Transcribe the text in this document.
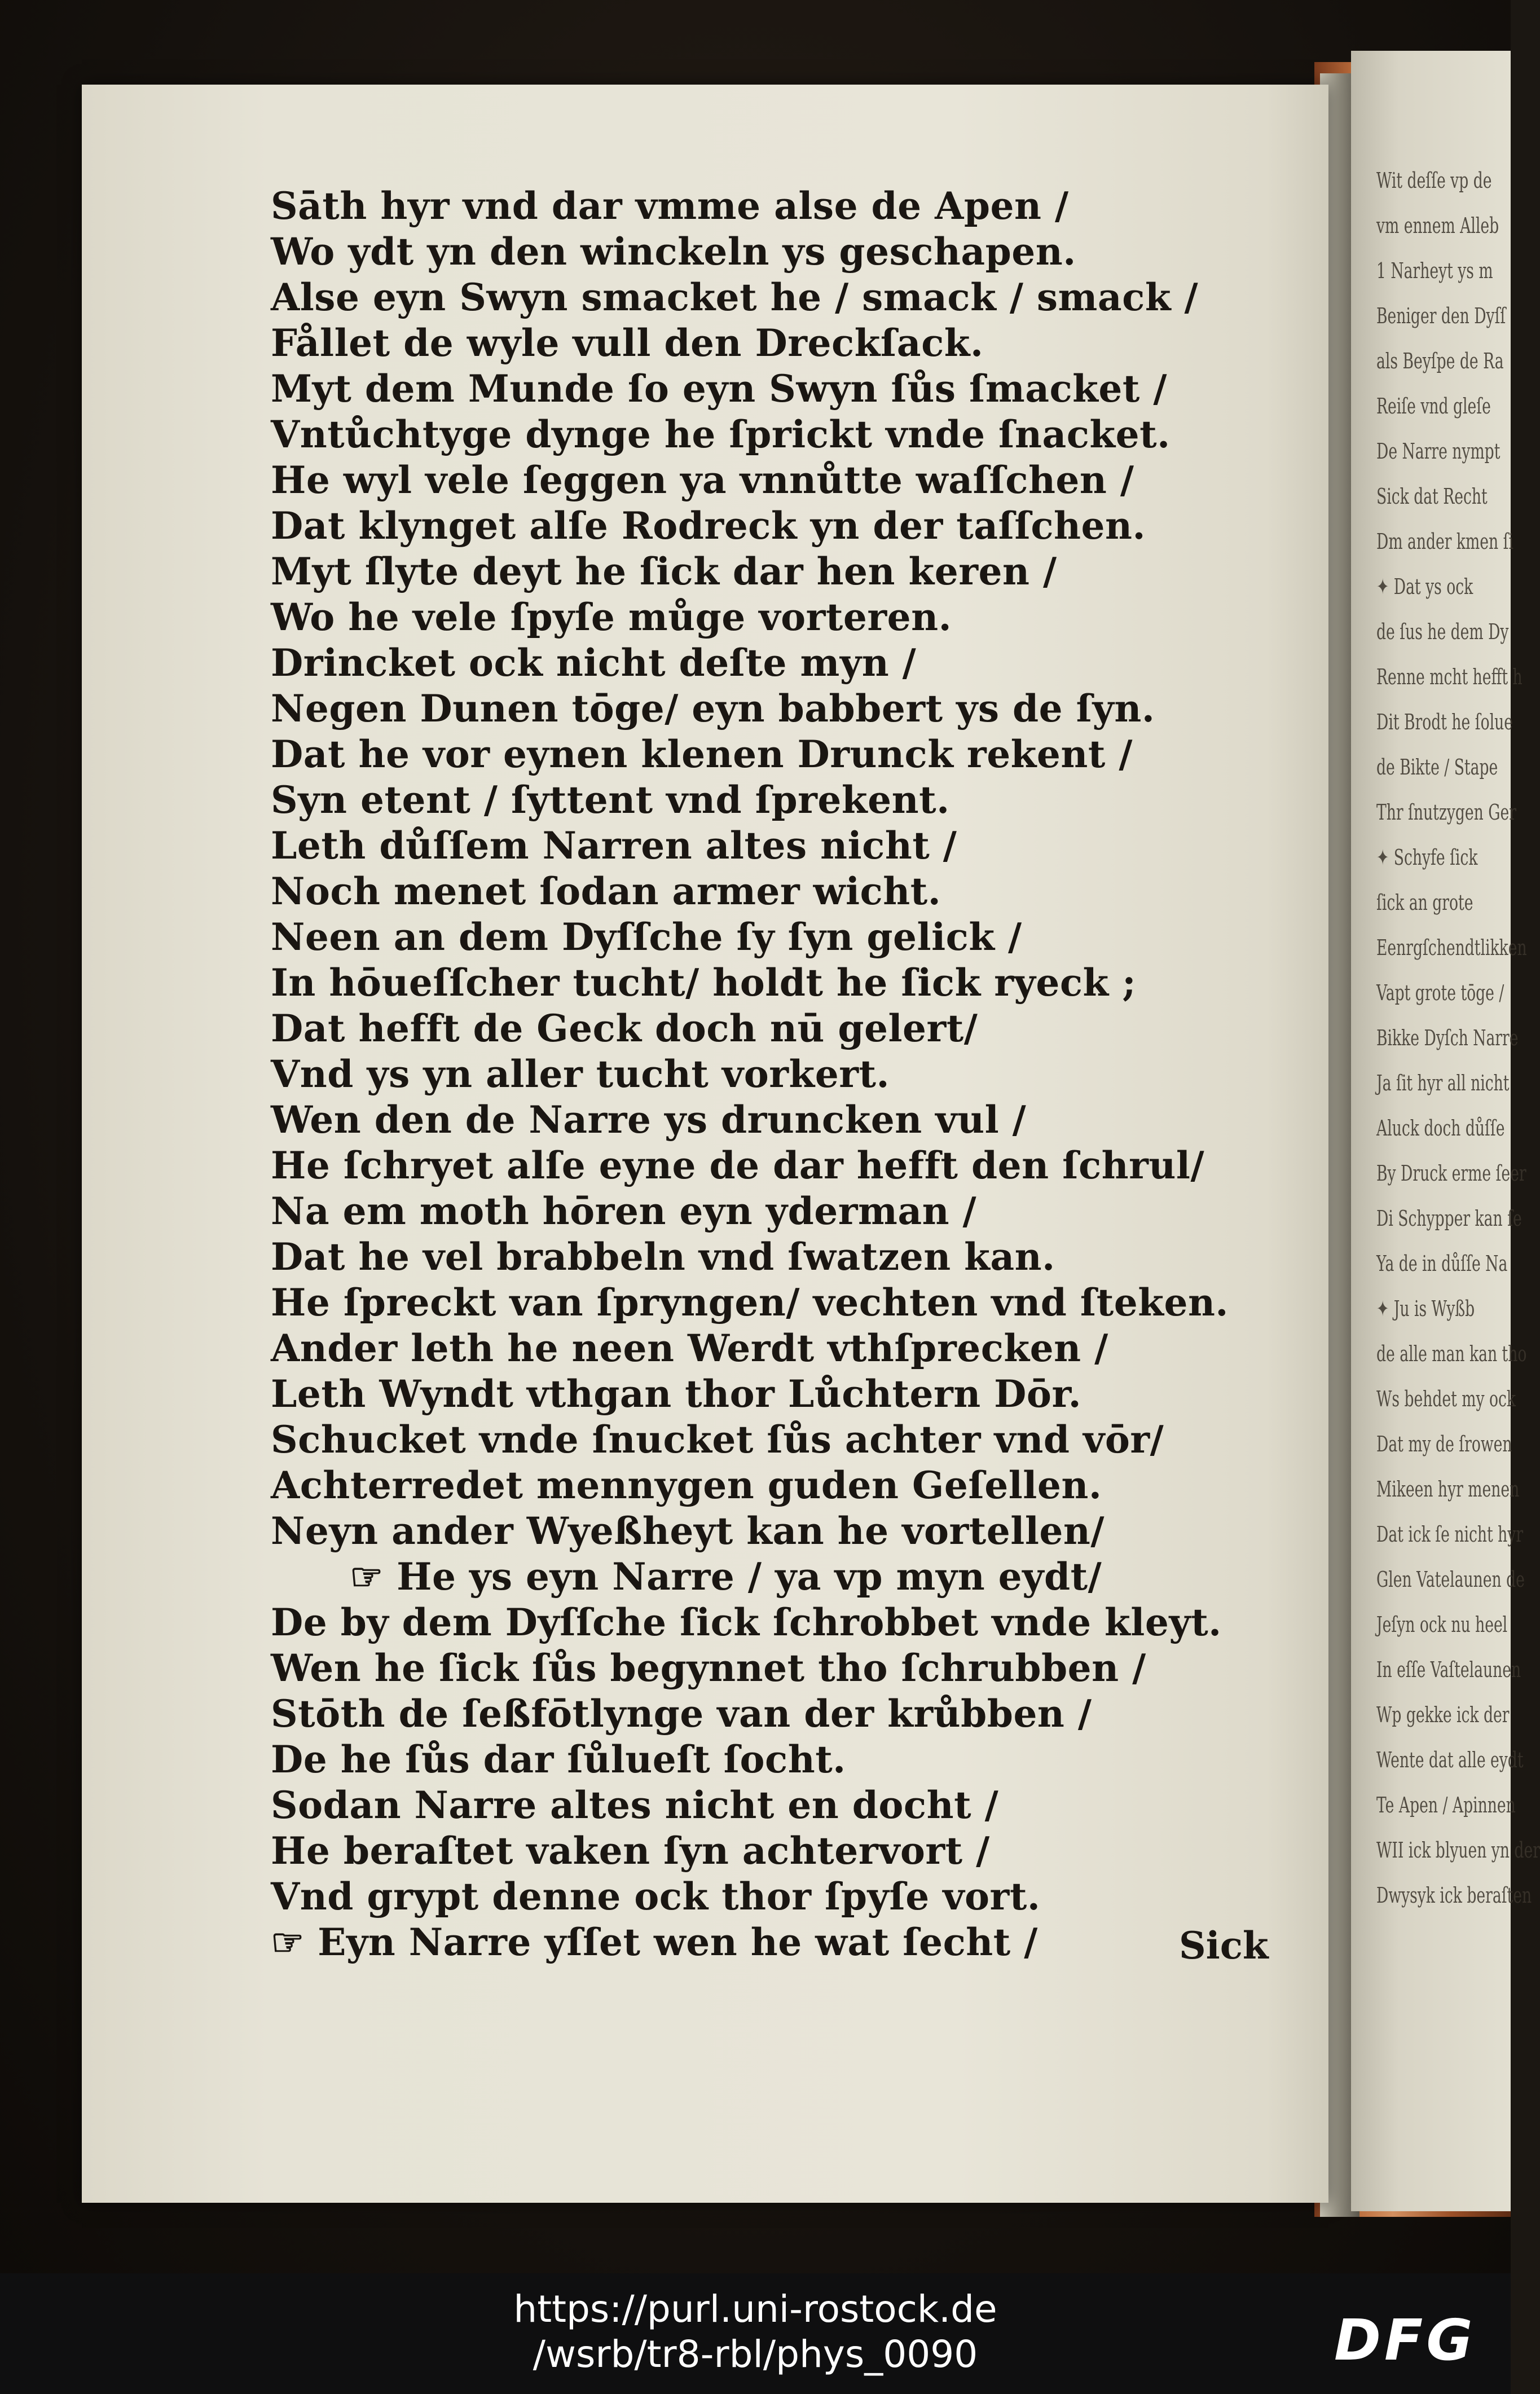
Wit deſſe vp de
vm ennem Alleb
1 Narheyt ys m
Beniger den Dyſſ
als Beyſpe de Ra
Reiſe vnd gleſe
De Narre nympt
Sick dat Recht
Dm ander kmen ſi
✦ Dat ys ock
de ſus he dem Dy
Renne mcht hefft h
Dit Brodt he ſolue
de Bikte / Stape
Thr ſnutzygen Ger
✦ Schyfe ſick
ſick an grote
Eenrgſchendtlikken
Vapt grote tōge /
Bikke Dyſch Narre
Ja ſit hyr all nicht
Aluck doch důſſe
By Druck erme ſeer
Di Schypper kan ſe
Ya de in důſſe Na
✦ Ju is Wyßb
de alle man kan tho
Ws behdet my ock
Dat my de ſrowen
Mikeen hyr menen
Dat ick ſe nicht hyr
Glen Vatelaunen de
Jeſyn ock nu heel
In eſſe Vaſtelaunen
Wp gekke ick der
Wente dat alle eydt
Te Apen / Apinnen
WII ick blyuen yn der
Dwysyk ick beraſten

Sāth hyr vnd dar vmme alse de Apen /

Wo ydt yn den winckeln ys geschapen.

Alse eyn Swyn smacket he / smack / smack /

Fållet de wyle vull den Dreckſack.

Myt dem Munde ſo eyn Swyn ſůs ſmacket /

Vntůchtyge dynge he ſprickt vnde ſnacket.

He wyl vele ſeggen ya vnnůtte waſſchen /

Dat klynget alſe Rodreck yn der taſſchen.

Myt ſlyte deyt he ſick dar hen keren /

Wo he vele ſpyſe můge vorteren.

Drincket ock nicht deſte myn /

Negen Dunen tōge/ eyn babbert ys de ſyn.

Dat he vor eynen klenen Drunck rekent /

Syn etent / ſyttent vnd ſprekent.

Leth důſſem Narren altes nicht /

Noch menet ſodan armer wicht.

Neen an dem Dyſſche ſy ſyn gelick /

In hōueſſcher tucht/ holdt he ſick ryeck ;

Dat hefft de Geck doch nū gelert/

Vnd ys yn aller tucht vorkert.

Wen den de Narre ys druncken vul /

He ſchryet alſe eyne de dar hefft den ſchrul/

Na em moth hōren eyn yderman /

Dat he vel brabbeln vnd ſwatzen kan.

He ſpreckt van ſpryngen/ vechten vnd ſteken.

Ander leth he neen Werdt vthſprecken /

Leth Wyndt vthgan thor Lůchtern Dōr.

Schucket vnde ſnucket ſůs achter vnd vōr/

Achterredet mennygen guden Geſellen.

Neyn ander Wyeßheyt kan he vortellen/

☞ He ys eyn Narre / ya vp myn eydt/

De by dem Dyſſche ſick ſchrobbet vnde kleyt.

Wen he ſick ſůs begynnet tho ſchrubben /

Stōth de ſeßfōtlynge van der krůbben /

De he ſůs dar ſůlueſt ſocht.

Sodan Narre altes nicht en docht /

He beraſtet vaken ſyn achtervort /

Vnd grypt denne ock thor ſpyſe vort.

☞ Eyn Narre yſſet wen he wat ſecht /	Sick
https://purl.uni-rostock.de
/wsrb/tr8-rbl/phys_0090	DFG
